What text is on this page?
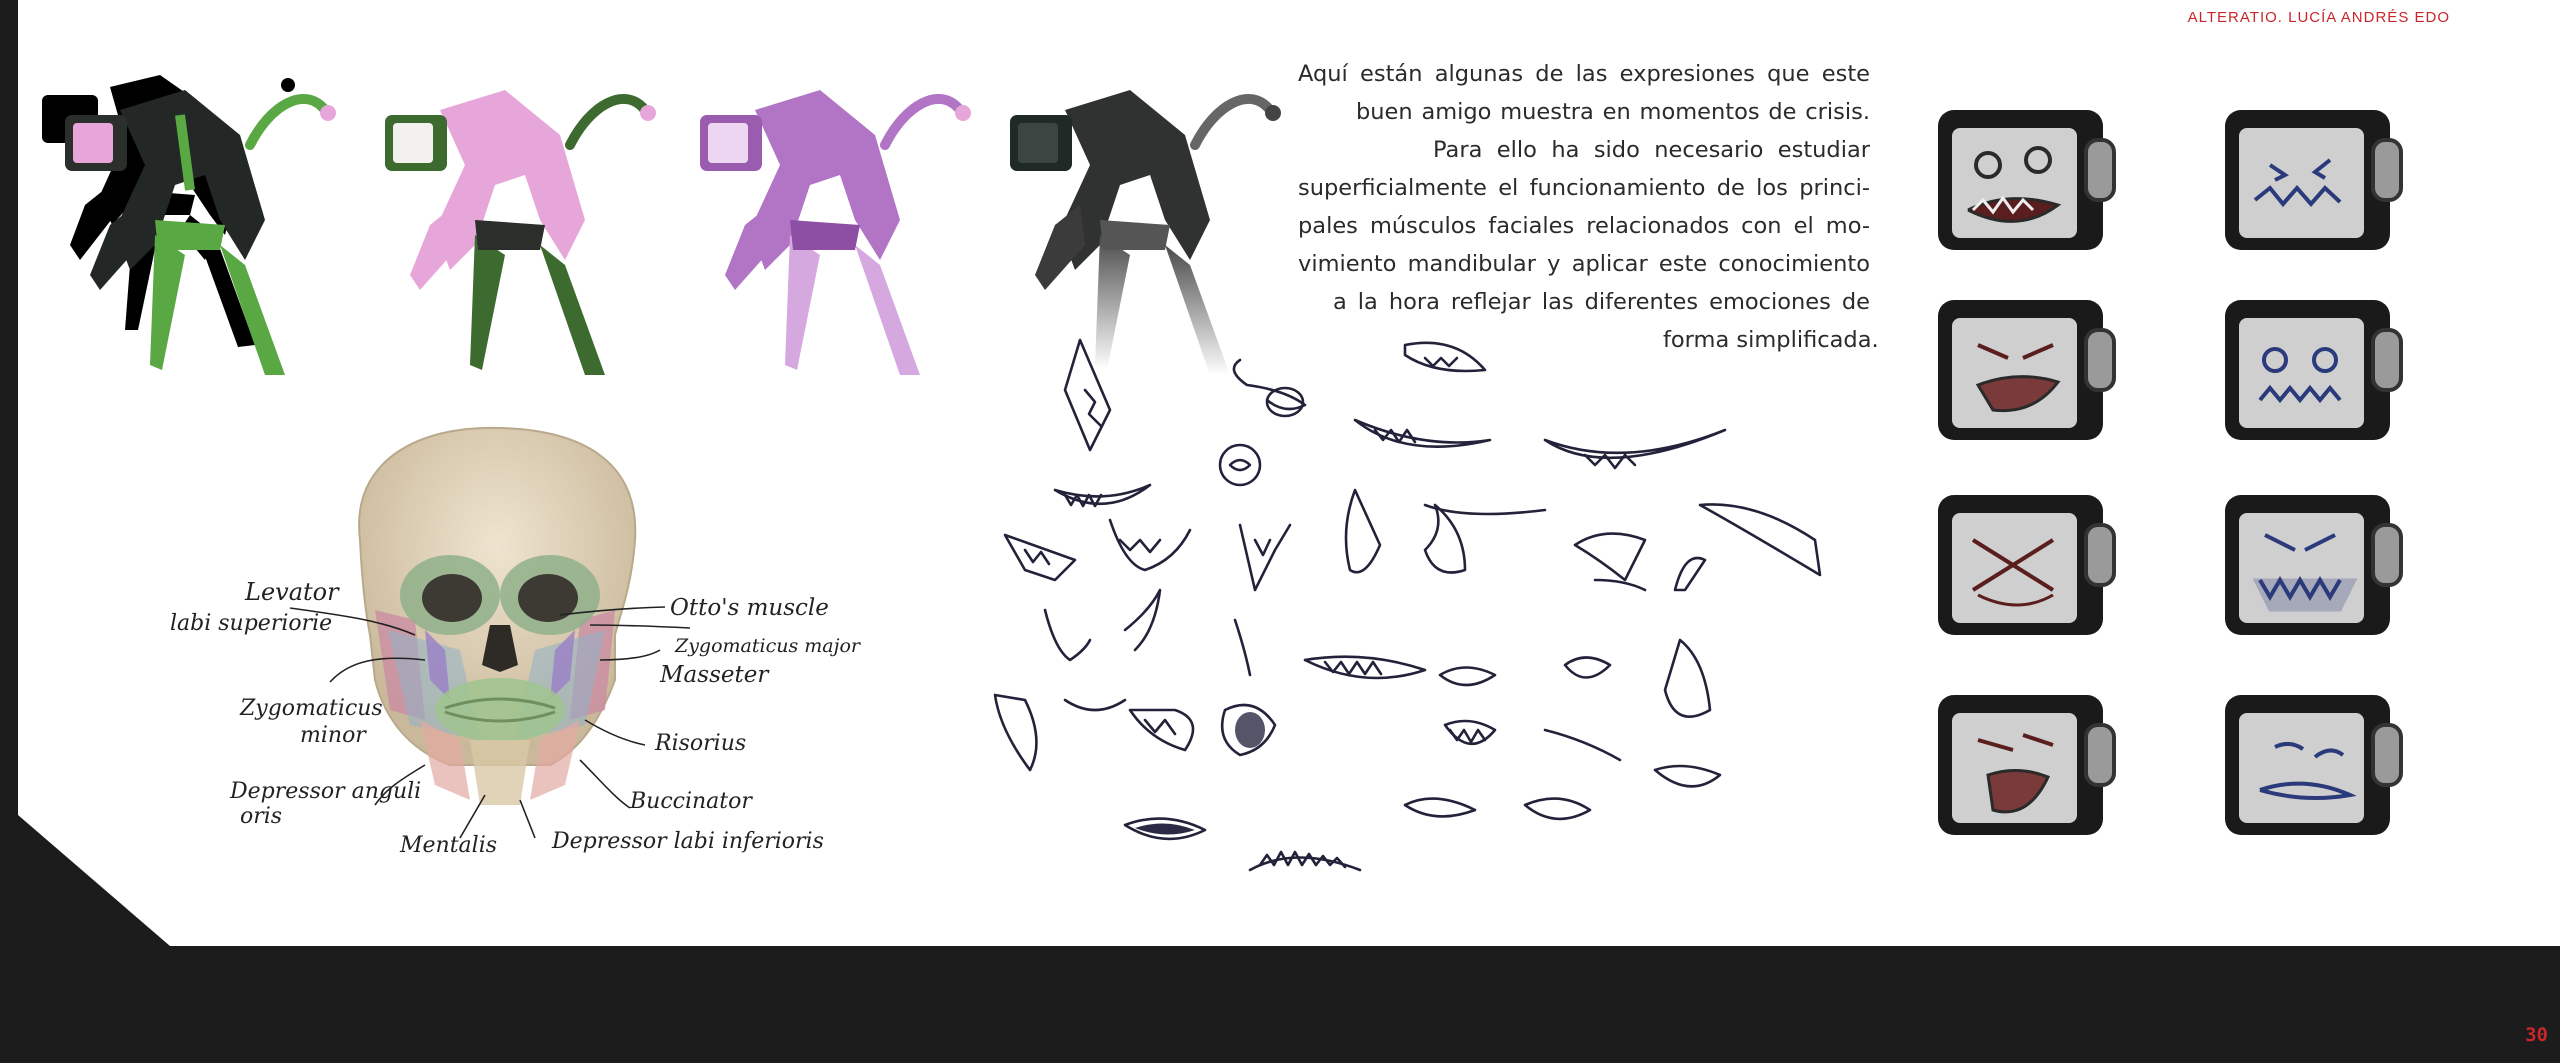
ALTERATIO. LUCÍA ANDRÉS EDO
30
Aquí están algunas de las expresiones que este
buen amigo muestra en momentos de crisis.
Para ello ha sido necesario estudiar
superficialmente el funcionamiento de los princi-
pales músculos faciales relacionados con el mo-
vimiento mandibular y aplicar este conocimiento
a la hora reflejar las diferentes emociones de
forma simplificada.
Levator
labi superiorie
Zygomaticus
minor
Depressor anguli
oris
Mentalis Depressor labi inferioris
Buccinator
Risorius
Masseter
Zygomaticus major
Otto's muscle
